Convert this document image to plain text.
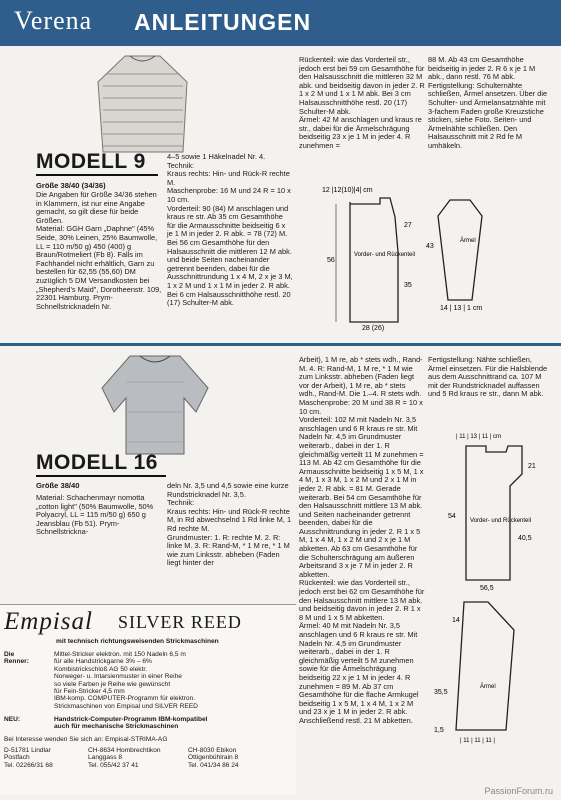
Verena ANLEITUNGEN
MODELL 9
Größe 38/40 (34/36)
Die Angaben für Größe 34/36 stehen in Klammern, ist nur eine Angabe gemacht, so gilt diese für beide Größen.
Material: GGH Garn „Daphne" (45% Seide, 30% Leinen, 25% Baumwolle, LL = 110 m/50 g) 450 (400) g Braun/Rotmeliert (Fb 8). Falls im Fachhandel nicht erhältlich, Garn zu bestellen für 62,55 (55,60) DM zuzüglich 5 DM Versandkosten bei „Shepherd's Maid", Dorotheenstr. 109, 22301 Hamburg. Prym-Schnellstricknadeln Nr.
4–5 sowie 1 Häkelnadel Nr. 4.
Technik:
Kraus rechts: Hin- und Rück-R rechte M.
Maschenprobe: 16 M und 24 R = 10 x 10 cm.
Vorderteil: 90 (84) M anschlagen und kraus re str. Ab 35 cm Gesamthöhe für die Armausschnitte beidseitig 6 x je 1 M in jeder 2. R abk. = 78 (72) M. Bei 56 cm Gesamthöhe für den Halsausschnitt die mittleren 12 M abk. und beide Seiten nacheinander getrennt beenden, dabei für die Ausschnittrundung 1 x 4 M, 2 x je 3 M, 1 x 2 M und 1 x 1 M in jeder 2. R abk. Bei 6 cm Halsausschnitthöhe restl. 20 (17) Schulter-M abk.
Rückenteil: wie das Vorderteil str., jedoch erst bei 59 cm Gesamthöhe für den Halsausschnitt die mittleren 32 M abk. und beidseitig davon in jeder 2. R 1 x 2 M und 1 x 1 M abk. Bei 3 cm Halsausschnitthöhe restl. 20 (17) Schulter-M abk.
Ärmel: 42 M anschlagen und kraus re str., dabei für die Ärmelschrägung beidseitig 23 x je 1 M in jeder 4. R zunehmen =
88 M. Ab 43 cm Gesamthöhe beidseitig in jeder 2. R 6 x je 1 M abk., dann restl. 76 M abk.
Fertigstellung: Schulternähte schließen, Ärmel ansetzen. Über die Schulter- und Ärmelansatznähte mit 3-fachem Faden große Kreuzstiche sticken, siehe Foto. Seiten- und Ärmelnähte schließen. Den Halsausschnitt mit 2 Rd fe M umhäkeln.
12 |12(10)|4| cm
56
27
35
Vorder- und Rückenteil
28 (26)
Ärmel
43
14 | 13 | 1 cm
MODELL 16
Größe 38/40
Material: Schachenmayr nomotta „cotton light" (50% Baumwolle, 50% Polyacryl, LL = 115 m/50 g) 650 g Jeansblau (Fb 51). Prym-Schnellstrickna-
deln Nr. 3,5 und 4,5 sowie eine kurze Rundstricknadel Nr. 3,5.
Technik:
Kraus rechts: Hin- und Rück-R rechte M, in Rd abwechselnd 1 Rd linke M, 1 Rd rechte M.
Grundmuster: 1. R: rechte M. 2. R: linke M. 3. R: Rand-M, * 1 M re, * 1 M wie zum Linksstr. abheben (Faden liegt hinter der
Arbeit), 1 M re, ab * stets wdh., Rand-M. 4. R: Rand-M, 1 M re, * 1 M wie zum Linksstr. abheben (Faden liegt vor der Arbeit), 1 M re, ab * stets wdh., Rand-M. Die 1.–4. R stets wdh.
Maschenprobe: 20 M und 38 R = 10 x 10 cm.
Vorderteil: 102 M mit Nadeln Nr. 3,5 anschlagen und 6 R kraus re str. Mit Nadeln Nr. 4,5 im Grundmuster weiterarb., dabei in der 1. R gleichmäßig verteilt 11 M zunehmen = 113 M. Ab 42 cm Gesamthöhe für die Armausschnitte beidseitig 1 x 5 M, 1 x 4 M, 1 x 3 M, 1 x 2 M und 2 x 1 M in jeder 2. R abk. = 81 M. Gerade weiterarb. Bei 54 cm Gesamthöhe für den Halsausschnitt mittlere 13 M abk. und Seiten nacheinander getrennt beenden, dabei für die Ausschnittrundung in jeder 2. R 1 x 5 M, 1 x 4 M, 1 x 2 M und 2 x je 1 M abketten. Ab 63 cm Gesamthöhe für die Schulterschrägung am äußeren Arbeitsrand 3 x je 7 M in jeder 2. R abketten.
Rückenteil: wie das Vorderteil str., jedoch erst bei 62 cm Gesamthöhe für den Halsausschnitt mittlere 13 M abk. und beidseitig davon in jeder 2. R 1 x 8 M und 1 x 5 M abketten.
Ärmel: 40 M mit Nadeln Nr. 3,5 anschlagen und 6 R kraus re str. Mit Nadeln Nr. 4,5 im Grundmuster weiterarb., dabei in der 1. R gleichmäßig verteilt 5 M zunehmen sowie für die Ärmelschrägung beidseitig 22 x je 1 M in jeder 4. R zunehmen = 89 M. Ab 37 cm Gesamthöhe für die flache Armkugel beidseitig 1 x 5 M, 1 x 4 M, 1 x 2 M und 23 x je 1 M in jeder 2. R abk. Anschließend restl. 21 M abketten.
Fertigstellung: Nähte schließen, Ärmel einsetzen. Für die Halsblende aus dem Ausschnittrand ca. 107 M mit der Rundstricknadel auffassen und 5 Rd kraus re str., dann M abk.
| 11 | 13 | 11 | cm
21
54
40,5
Vorder- und Rückenteil
56,5
14
Ärmel
35,5
1,5
| 11 | 11 | 11 |
Empisal SILVER REED
mit technisch richtungsweisenden Strickmaschinen
Die
Renner:
Mittel-Stricker elektron. mit 150 Nadeln 6,5 m
für alle Handstrickgarne 3% – 6%
Kombistrickschloß AG 50 elektr.
Norweger- u. Intarsienmuster in einer Reihe
so viele Farben je Reihe wie gewünscht
für Fein-Stricker 4,5 mm
IBM-komp. COMPUTER-Programm für elektron.
Strickmaschinen von Empisal und SILVER REED
NEU:	Handstrick-Computer-Programm IBM-kompatibel
auch für mechanische Strickmaschinen
Bei Interesse wenden Sie sich an: Empisal-STRIMA-AG
D-51781 Lindlar
Postfach
Tel. 02266/31 68
CH-8634 Hombrechtikon
Langgass 8
Tel. 055/42 37 41
CH-8030 Ebikon
Ottigenbühlrain 8
Tel. 041/34 86 24
PassionForum.ru
